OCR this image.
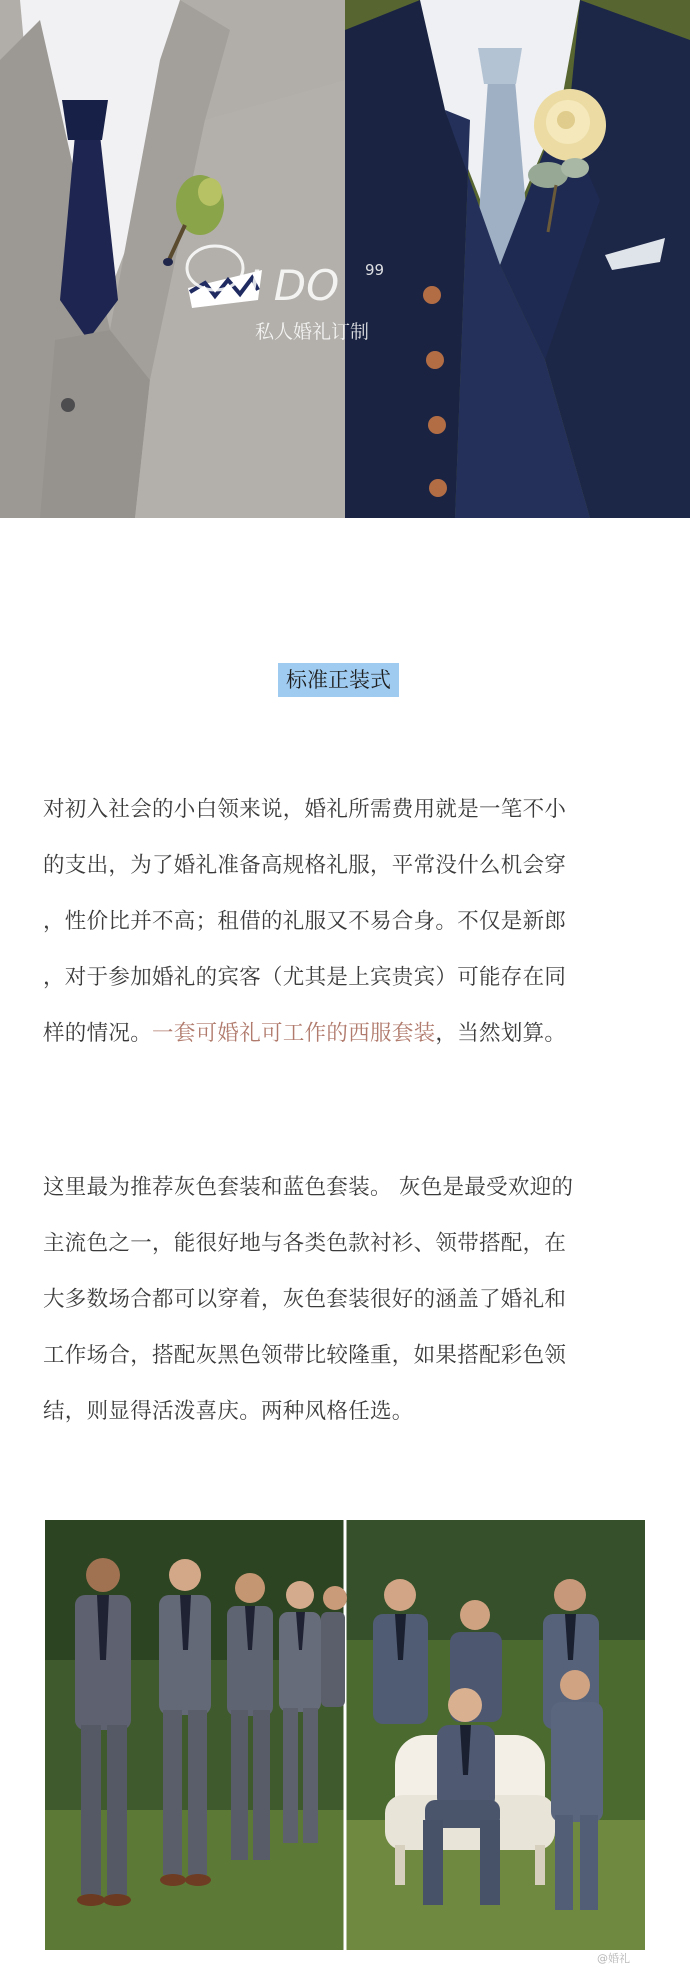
I DO 99
私人婚礼订制
标准正装式

对初入社会的小白领来说，婚礼所需费用就是一笔不小
的支出，为了婚礼准备高规格礼服，平常没什么机会穿
，性价比并不高；租借的礼服又不易合身。不仅是新郎
，对于参加婚礼的宾客（尤其是上宾贵宾）可能存在同
样的情况。一套可婚礼可工作的西服套装，当然划算。

这里最为推荐灰色套装和蓝色套装。 灰色是最受欢迎的
主流色之一，能很好地与各类色款衬衫、领带搭配，在
大多数场合都可以穿着，灰色套装很好的涵盖了婚礼和
工作场合，搭配灰黑色领带比较隆重，如果搭配彩色领
结，则显得活泼喜庆。两种风格任选。

@婚礼
